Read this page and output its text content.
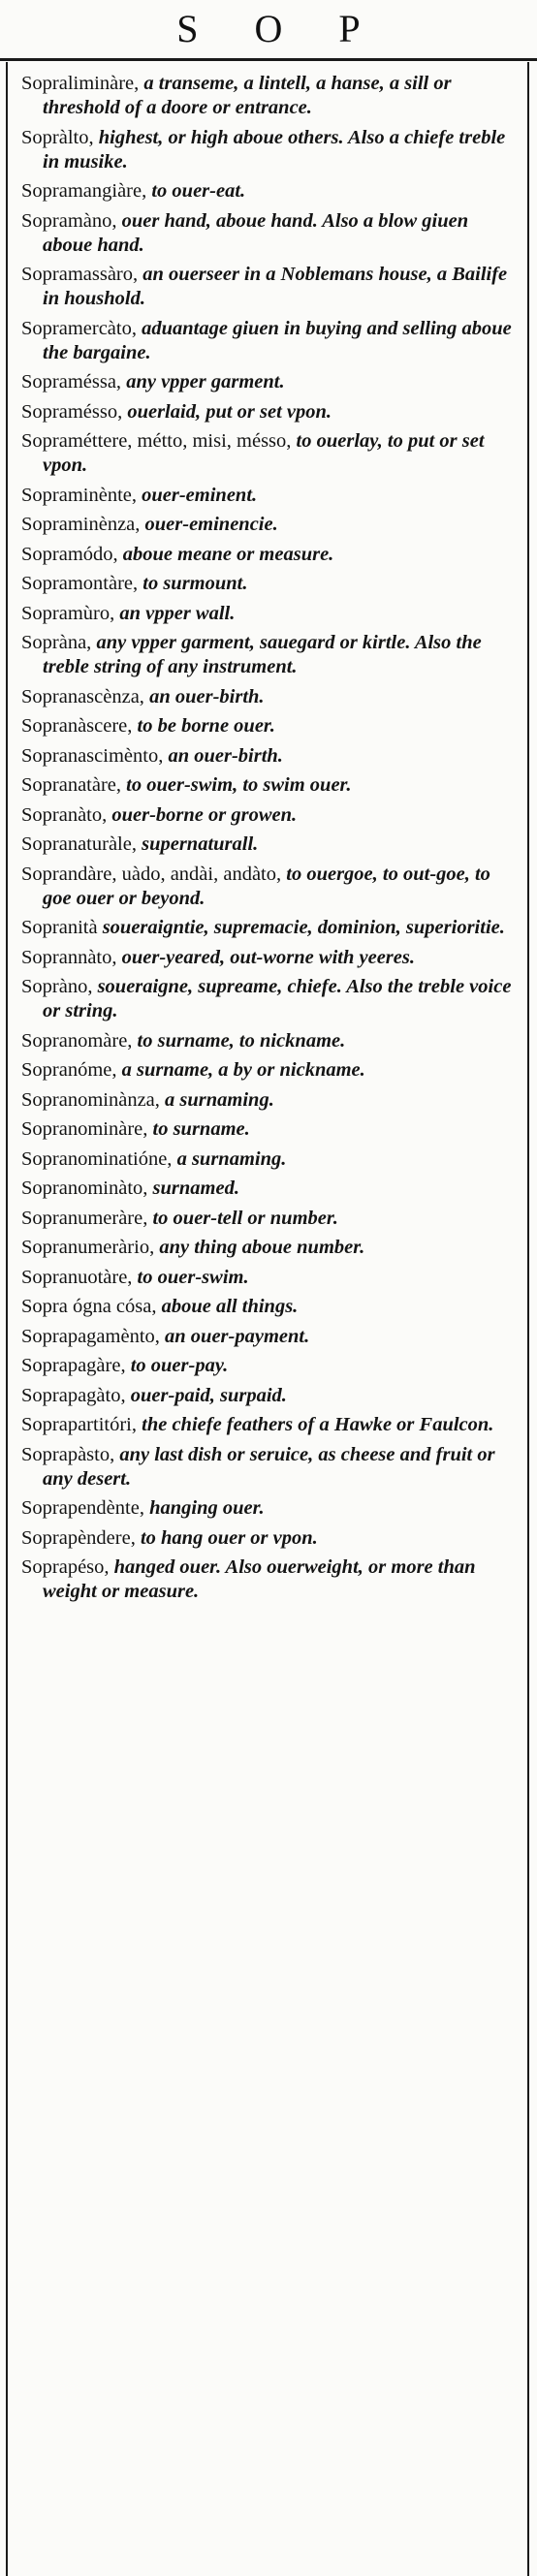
S O P
Sopraliminàre, a transeme, a lintell, a hanse, a sill or threshold of a doore or entrance.
Sopràlto, highest, or high aboue others. Also a chiefe treble in musike.
Sopramangiàre, to ouer-eat.
Sopramàno, ouer hand, aboue hand. Also a blow giuen aboue hand.
Sopramassàro, an ouerseer in a Noblemans house, a Bailife in houshold.
Sopramercàto, aduantage giuen in buying and selling aboue the bargaine.
Sopraméssa, any vpper garment.
Sopraméssо, ouerlaid, put or set vpon.
Sopraméttere, métto, misi, mésso, to ouerlay, to put or set vpon.
Sopraminènte, ouer-eminent.
Sopraminènza, ouer-eminencie.
Sopramódo, aboue meane or measure.
Sopramontàre, to surmount.
Sopramùro, an vpper wall.
Sopràna, any vpper garment, sauegard or kirtle. Also the treble string of any instrument.
Sopranascènza, an ouer-birth.
Sopranàscere, to be borne ouer.
Sopranascimènto, an ouer-birth.
Sopranatàre, to ouer-swim, to swim ouer.
Sopranàto, ouer-borne or growen.
Sopranaturàle, supernaturall.
Soprandàre, uàdo, andài, andàto, to ouergoe, to out-goe, to goe ouer or beyond.
Sopranità soueraigntie, supremacie, dominion, superioritie.
Soprannàto, ouer-yeared, out-worne with yeeres.
Sopràno, soueraigne, supreame, chiefe. Also the treble voice or string.
Sopranomàre, to surname, to nickname.
Sopranóme, a surname, a by or nickname.
Sopranominànza, a surnaming.
Sopranominàre, to surname.
Sopranominatióne, a surnaming.
Sopranominàto, surnamed.
Sopranumeràre, to ouer-tell or number.
Sopranumeràrio, any thing aboue number.
Sopranuotàre, to ouer-swim.
Sopra ógna cósa, aboue all things.
Soprapagamènto, an ouer-payment.
Soprapagàre, to ouer-pay.
Soprapagàto, ouer-paid, surpaid.
Soprapartitóri, the chiefe feathers of a Hawke or Faulcon.
Soprapàsto, any last dish or seruice, as cheese and fruit or any desert.
Soprapendènte, hanging ouer.
Soprapèndere, to hang ouer or vpon.
Soprapéso, hanged ouer. Also ouerweight, or more than weight or measure.
